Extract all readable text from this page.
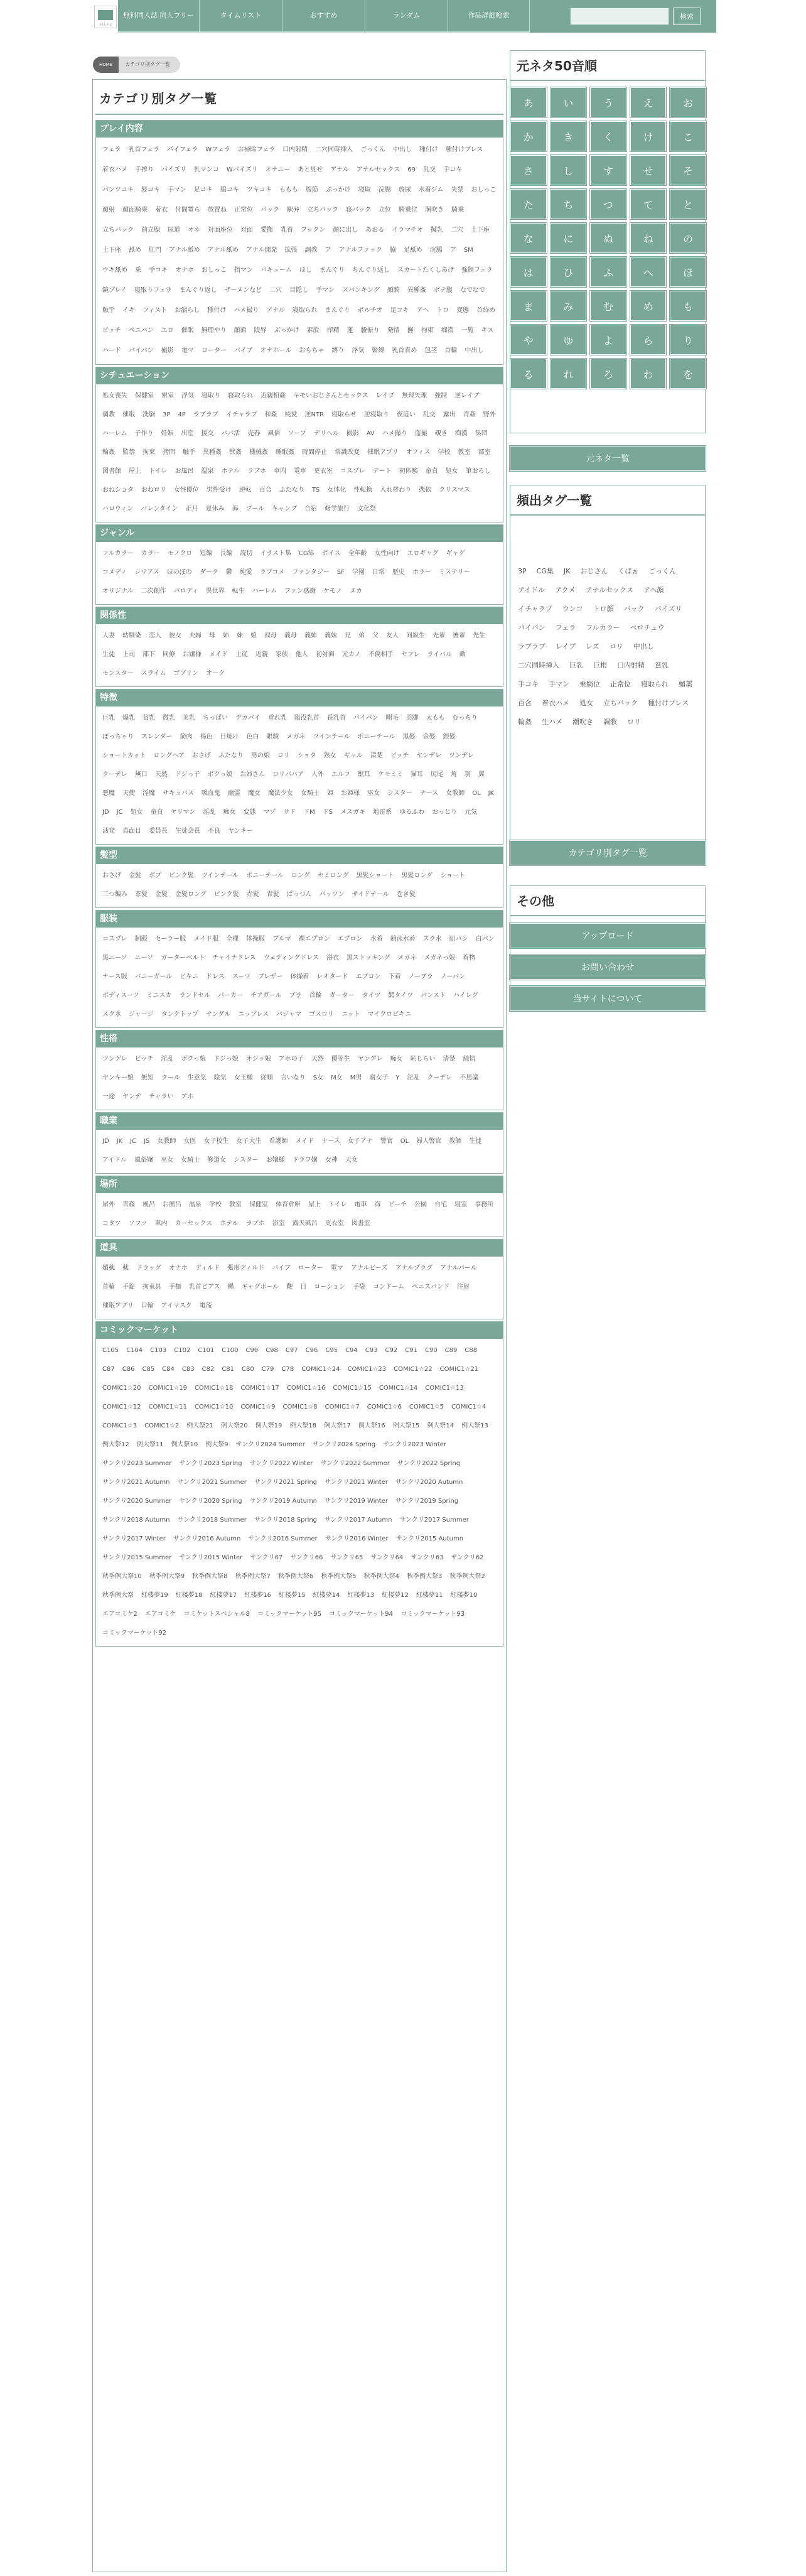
同人ナビ
無料同人誌 同人フリー	タイムリスト	おすすめ	ランダム	作品詳細検索	検索
HOME	カテゴリ別タグ一覧
カテゴリ別タグ一覧
プレイ内容
フェラ 乳首フェラ パイフェラ Wフェラ お掃除フェラ 口内射精 二穴同時挿入 ごっくん 中出し 種付け 種付けプレス
着衣ハメ 手搾り パイズリ 乳マンコ Wパイズリ オナニー あと見せ アナル アナルセックス 69 乱交 手コキ
パンツコキ 髪コキ 手マン 足コキ 脇コキ ツキコキ ももも 腹筋 ぶっかけ 寝取 浣腸 放尿 水着ジム 失禁 おしっこ
顔射 顔面騎乗 着衣 付間電ら 放置ね 正常位 バック 駅弁 立ちバック 寝バック 立位 騎乗位 潮吹き 騎乗
立ちバック 前立腺 尿道 オネ 対面座位 対面 愛撫 乳首 フックン 顔に出し あおる イラマチオ 擬乳 二穴 土下座
土下座 舐め 肛門 アナル舐め アナル舐め アナル開発 拡張 調教 ア アナルファック 脇 足舐め 浣腸 ア SM
ウキ舐め 乗 手コキ オナホ おしっこ 指マン バキューム ほし まんぐり ちんぐり返し スカートたくしあげ 強制フェラ
鏡プレイ 寝取りフェラ まんぐり返し ザーメンなど 二穴 目隠し 手マン スパンキング 顔騎 異種姦 ボテ腹 なでなで
触手 イキ フィスト お漏らし 種付け ハメ撮り アナル 寝取られ まんぐり ボルチオ 足コキ アヘ トロ 変態 首絞め
ビッチ ペニバン エロ 催眠 無理やり 顔面 陵辱 ぶっかけ 素股 搾精 蓮 腰振り 発情 撫 拘束 痴漢 一覧 キス
ハード パイパン 撮影 電マ ローター バイブ オナホール おもちゃ 縛り 浮気 緊縛 乳首責め 包茎 首輪 中出し
シチュエーション
処女喪失 保健室 密室 浮気 寝取り 寝取られ 近親相姦 キモいおじさんとセックス レイプ 無理矢理 強制 逆レイプ
調教 催眠 洗脳 3P 4P ラブラブ イチャラブ 和姦 純愛 逆NTR 寝取らせ 逆寝取り 夜這い 乱交 露出 青姦 野外
ハーレム 子作り 妊娠 出産 援交 パパ活 売春 風俗 ソープ デリヘル 撮影 AV ハメ撮り 盗撮 覗き 痴漢 集団
輪姦 監禁 拘束 拷問 触手 異種姦 獣姦 機械姦 睡眠姦 時間停止 常識改変 催眠アプリ オフィス 学校 教室 部室
図書館 屋上 トイレ お風呂 温泉 ホテル ラブホ 車内 電車 更衣室 コスプレ デート 初体験 童貞 処女 筆おろし
おねショタ おねロリ 女性優位 男性受け 逆転 百合 ふたなり TS 女体化 性転換 入れ替わり 憑依 クリスマス
ハロウィン バレンタイン 正月 夏休み 海 プール キャンプ 合宿 修学旅行 文化祭
ジャンル
フルカラー カラー モノクロ 短編 長編 読切 イラスト集 CG集 ボイス 全年齢 女性向け エロギャグ ギャグ
コメディ シリアス ほのぼの ダーク 鬱 純愛 ラブコメ ファンタジー SF 学園 日常 歴史 ホラー ミステリー
オリジナル 二次創作 パロディ 異世界 転生 ハーレム ファン感謝 ケモノ メカ
関係性
人妻 幼馴染 恋人 彼女 夫婦 母 姉 妹 娘 叔母 義母 義姉 義妹 兄 弟 父 友人 同級生 先輩 後輩 先生
生徒 上司 部下 同僚 お嬢様 メイド 主従 近親 家族 他人 初対面 元カノ 不倫相手 セフレ ライバル 敵
モンスター スライム ゴブリン オーク
特徴
巨乳 爆乳 貧乳 微乳 美乳 ちっぱい デカパイ 垂れ乳 陥没乳首 長乳首 パイパン 剛毛 美脚 太もも むっちり
ぽっちゃり スレンダー 筋肉 褐色 日焼け 色白 眼鏡 メガネ ツインテール ポニーテール 黒髪 金髪 銀髪
ショートカット ロングヘア おさげ ふたなり 男の娘 ロリ ショタ 熟女 ギャル 清楚 ビッチ ヤンデレ ツンデレ
クーデレ 無口 天然 ドジっ子 ボクっ娘 お姉さん ロリババア 人外 エルフ 獣耳 ケモミミ 猫耳 尻尾 角 羽 翼
悪魔 天使 淫魔 サキュバス 吸血鬼 幽霊 魔女 魔法少女 女騎士 姫 お姫様 巫女 シスター ナース 女教師 OL JK
JD JC 処女 童貞 ヤリマン 淫乱 痴女 変態 マゾ サド ドM ドS メスガキ 地雷系 ゆるふわ おっとり 元気
活発 真面目 委員長 生徒会長 不良 ヤンキー
髪型
おさげ 金髪 ボブ ピンク髪 ツインテール ポニーテール ロング セミロング 黒髪ショート 黒髪ロング ショート
三つ編み 茶髪 金髪 金髪ロング ピンク髪 赤髪 青髪 ぱっつん パッツン サイドテール 巻き髪
服装
コスプレ 制服 セーラー服 メイド服 全裸 体操服 ブルマ 裸エプロン エプロン 水着 競泳水着 スク水 紐パン 白パン
黒ニーソ ニーソ ガーターベルト チャイナドレス ウェディングドレス 浴衣 黒ストッキング メガネ メガネっ娘 着物
ナース服 バニーガール ビキニ ドレス スーツ ブレザー 体操着 レオタード エプロン 下着 ノーブラ ノーパン
ボディスーツ ミニスカ ランドセル パーカー チアガール ブラ 首輪 ガーター タイツ 網タイツ パンスト ハイレグ
スク水 ジャージ タンクトップ サンダル ニップレス パジャマ ゴスロリ ニット マイクロビキニ
性格
ツンデレ ビッチ 淫乱 ボクっ娘 ドジっ娘 オジッ娘 アホの子 天然 優等生 ヤンデレ 痴女 恥じらい 清楚 純情
ヤンキー娘 無知 クール 生意気 陰気 女王様 従順 言いなり S女 M女 M男 腐女子 Y 淫乱 クーデレ 不思議
一途 ヤンデ チャラい アホ
職業
JD JK JC JS 女教師 女医 女子校生 女子大生 看護師 メイド ナース 女子アナ 警官 OL 婦人警官 教師 生徒
アイドル 風俗嬢 巫女 女騎士 修道女 シスター お嬢様 ドラフ嬢 女神 天女
場所
屋外 青姦 風呂 お風呂 温泉 学校 教室 保健室 体育倉庫 屋上 トイレ 電車 海 ビーチ 公園 自宅 寝室 事務所
コタツ ソファ 車内 カーセックス ホテル ラブホ 浴室 露天風呂 更衣室 図書室
道具
媚薬 薬 ドラッグ オナホ ディルド 張形ディルド バイブ ローター 電マ アナルビーズ アナルプラグ アナルパール
首輪 手錠 拘束具 手枷 乳首ピアス 縄 ギャグボール 鞭 目 ローション 手袋 コンドーム ペニスバンド 注射
催眠アプリ 口輪 アイマスク 電流
コミックマーケット
C105 C104 C103 C102 C101 C100 C99 C98 C97 C96 C95 C94 C93 C92 C91 C90 C89 C88
C87 C86 C85 C84 C83 C82 C81 C80 C79 C78 COMIC1☆24 COMIC1☆23 COMIC1☆22 COMIC1☆21
COMIC1☆20 COMIC1☆19 COMIC1☆18 COMIC1☆17 COMIC1☆16 COMIC1☆15 COMIC1☆14 COMIC1☆13
COMIC1☆12 COMIC1☆11 COMIC1☆10 COMIC1☆9 COMIC1☆8 COMIC1☆7 COMIC1☆6 COMIC1☆5 COMIC1☆4
COMIC1☆3 COMIC1☆2 例大祭21 例大祭20 例大祭19 例大祭18 例大祭17 例大祭16 例大祭15 例大祭14 例大祭13
例大祭12 例大祭11 例大祭10 例大祭9 サンクリ2024 Summer サンクリ2024 Spring サンクリ2023 Winter
サンクリ2023 Summer サンクリ2023 Spring サンクリ2022 Winter サンクリ2022 Summer サンクリ2022 Spring
サンクリ2021 Autumn サンクリ2021 Summer サンクリ2021 Spring サンクリ2021 Winter サンクリ2020 Autumn
サンクリ2020 Summer サンクリ2020 Spring サンクリ2019 Autumn サンクリ2019 Winter サンクリ2019 Spring
サンクリ2018 Autumn サンクリ2018 Summer サンクリ2018 Spring サンクリ2017 Autumn サンクリ2017 Summer
サンクリ2017 Winter サンクリ2016 Autumn サンクリ2016 Summer サンクリ2016 Winter サンクリ2015 Autumn
サンクリ2015 Summer サンクリ2015 Winter サンクリ67 サンクリ66 サンクリ65 サンクリ64 サンクリ63 サンクリ62
秋季例大祭10 秋季例大祭9 秋季例大祭8 秋季例大祭7 秋季例大祭6 秋季例大祭5 秋季例大祭4 秋季例大祭3 秋季例大祭2
秋季例大祭 紅楼夢19 紅楼夢18 紅楼夢17 紅楼夢16 紅楼夢15 紅楼夢14 紅楼夢13 紅楼夢12 紅楼夢11 紅楼夢10
エアコミケ2 エアコミケ コミケットスペシャル8 コミックマーケット95 コミックマーケット94 コミックマーケット93
コミックマーケット92
元ネタ50音順
あ	い	う	え	お
か	き	く	け	こ
さ	し	す	せ	そ
た	ち	つ	て	と
な	に	ぬ	ね	の
は	ひ	ふ	へ	ほ
ま	み	む	め	も
や	ゆ	よ	ら	り
る	れ	ろ	わ	を
元ネタ一覧
頻出タグ一覧
3P CG集 JK おじさん くぱぁ ごっくん
アイドル アクメ アナルセックス アヘ顔
イチャラブ ウンコ トロ顔 バック パイズリ
パイパン フェラ フルカラー ペロチュウ
ラブラブ レイプ レズ ロリ 中出し
二穴同時挿入 巨乳 巨根 口内射精 貧乳
手コキ 手マン 乗騎位 正常位 寝取られ 媚薬
百合 着衣ハメ 処女 立ちバック 種付けプレス
輪姦 生ハメ 潮吹き 調教 ロリ
カテゴリ別タグ一覧
その他
アップロード
お問い合わせ
当サイトについて
